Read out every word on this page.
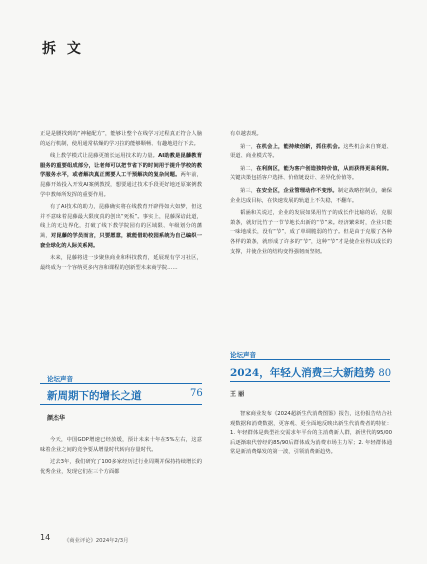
拆 文

正是是腰找到的“神秘配方”，能够让整个在线学习过程真正符合人脑的运行机制，使用通常枯燥的学习拉的能够顺畅、有趣地进行下去。

线上教学模式让昆藤更擅长运用技术的力量。AI助教是昆藤教育服务的重要组成部分，让老师可以把节省下的时间用于提升学校的教学服务水平，或者解决真正需要人工干预解决的复杂问题。两年前，昆藤开始投入开发AI案例教授，想要通过技术手段更好地还原案例教学中教师所发挥的重要作用。

有了AI技术的助力，昆藤确实将在线教育开辟得如大如梦，但这并不意味着昆藤最大限度真的创出“死板”。事实上，昆藤深谙此道，线上的无边界化，打破了线下教学院园有的区域限、年级划分的藩篱，对昆藤的学员而言，只要愿意，就能借助校园系统为自己编织一套全球化的人际关系网。

未来，昆藤将进一步聚焦商业和科技教育，延展现有学习社区，最终成为一个容纳更多内容和课程的创新型未来商学院……

论坛声音
新周期下的增长之道	76
颜杰华

今天，中国GDP增速已经放缓，预计未来十年在5%左右，这意味着企业之间的竞争要从增量时代转向存量时代。

过去3年，我们研究了100多家经历过行业周期并保持持续增长的优秀企业，发现它们在三个方面都

有卓越表现。

第一，在机会上，能持续创新，抓住机会。这些机会来自赛道、渠道、商业模式等。

第二，在利润区，能为客户创造独特价值，从而获得更高利润。关键决策包括客户选择、价值链设计、差异化价值等。

第三，在安全区，企业管理动作不变形。制定战略控制点，确保企业达成目标，在快速发展的轨道上不失稳，不翻车。

韬涵和关说过，企业的发展如果用竹子的成长作比喻的话，克服萧条，就好比竹子一节节地长出新的“节”来。经济繁荣时，企业只能一味地成长，没有“节”，成了单调脆弱的竹子。但是由于克服了各种各样的萧条，就形成了许多的“节”，这种“节”才是使企业得以成长的支撑，并使企业的结构变得强韧而坚韧。

论坛声音
2024，年轻人消费三大新趋势 80
王 丽

智家商业发布《2024超新生代消费图鉴》报告，这份报告结合社观数据和消费数据，更客观、更全面地反映出新生代消费者的特征：1. 年轻群体是典型社交需求年平台的主消费新人群，新世代的95/00后逐渐取代曾经的85/90后群体成为消费市场主力军；2. 年轻群体通常是新消费爆发的第一波，引领消费新趋势。

14	《商业评论》2024年2/3月
